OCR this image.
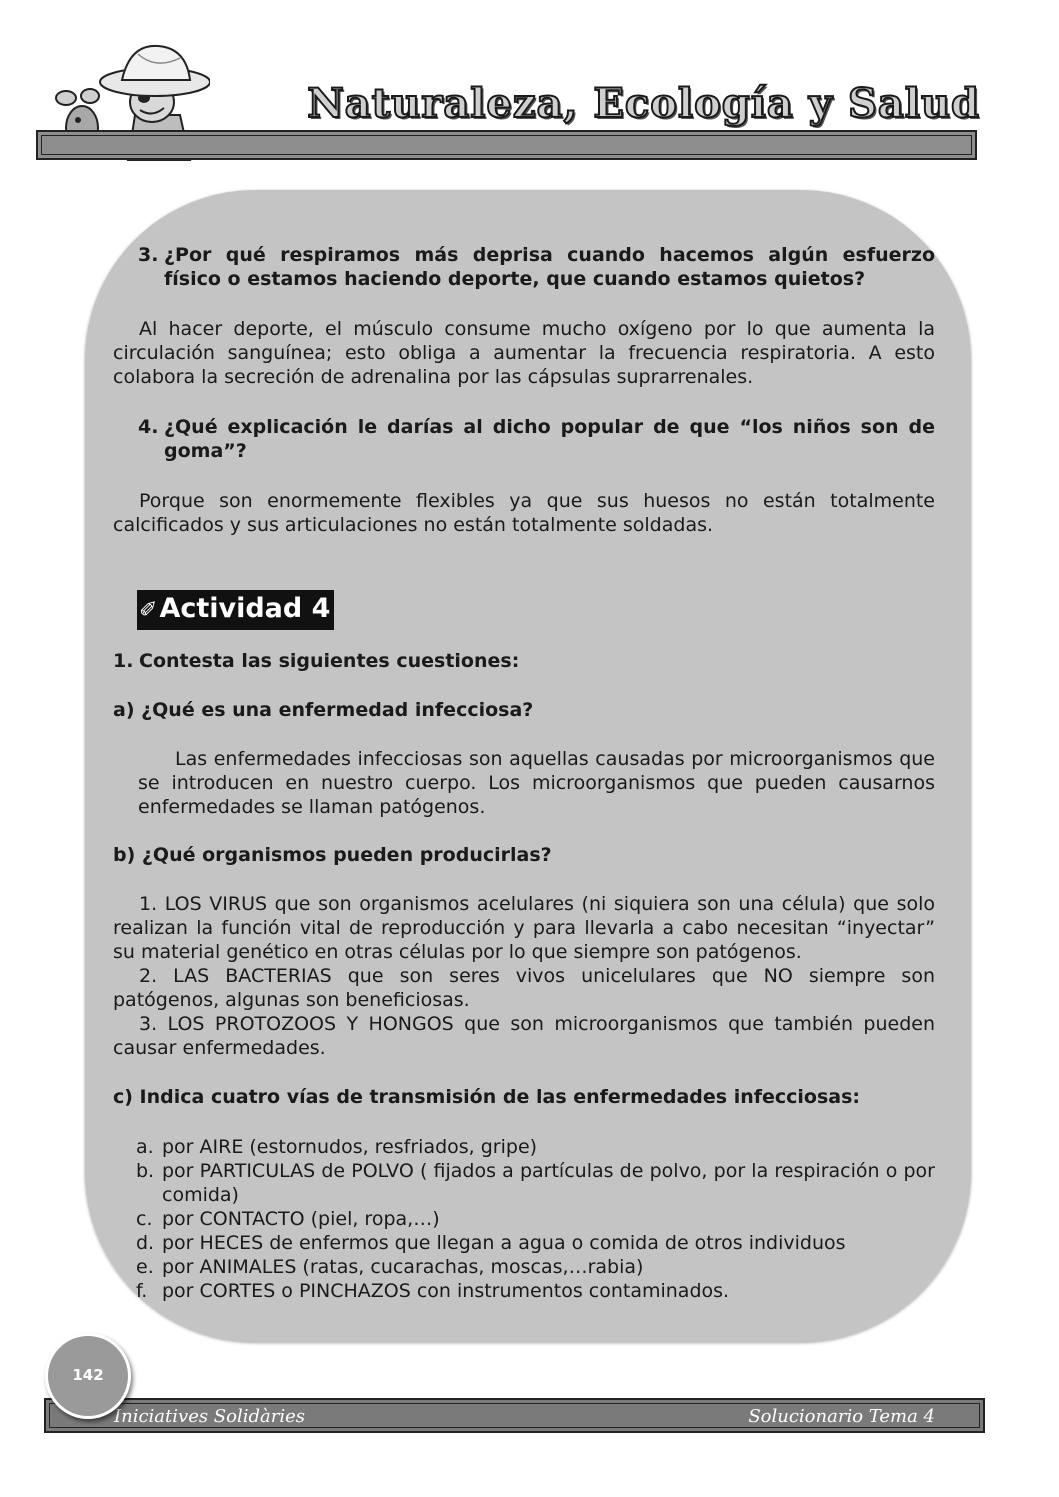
Naturaleza, Ecología y Salud
3. ¿Por qué respiramos más deprisa cuando hacemos algún esfuerzo físico o estamos haciendo deporte, que cuando estamos quietos?
Al hacer deporte, el músculo consume mucho oxígeno por lo que aumenta la circulación sanguínea; esto obliga a aumentar la frecuencia respiratoria. A esto colabora la secreción de adrenalina por las cápsulas suprarrenales.
4. ¿Qué explicación le darías al dicho popular de que “los niños son de goma”?
Porque son enormemente flexibles ya que sus huesos no están totalmente calcificados y sus articulaciones no están totalmente soldadas.
✐Actividad 4
1. Contesta las siguientes cuestiones:
a) ¿Qué es una enfermedad infecciosa?
Las enfermedades infecciosas son aquellas causadas por microorganismos que se introducen en nuestro cuerpo. Los microorganismos que pueden causarnos enfermedades se llaman patógenos.
b) ¿Qué organismos pueden producirlas?
1. LOS VIRUS que son organismos acelulares (ni siquiera son una célula) que solo realizan la función vital de reproducción y para llevarla a cabo necesitan “inyectar” su material genético en otras células por lo que siempre son patógenos.
2. LAS BACTERIAS que son seres vivos unicelulares que NO siempre son patógenos, algunas son beneficiosas.
3. LOS PROTOZOOS Y HONGOS que son microorganismos que también pueden causar enfermedades.
c) Indica cuatro vías de transmisión de las enfermedades infecciosas:
a. por AIRE (estornudos, resfriados, gripe)
b. por PARTICULAS de POLVO ( fijados a partículas de polvo, por la respiración o por comida)
c. por CONTACTO (piel, ropa,…)
d. por HECES de enfermos que llegan a agua o comida de otros individuos
e. por ANIMALES (ratas, cucarachas, moscas,…rabia)
f. por CORTES o PINCHAZOS con instrumentos contaminados.
142
Iniciatives Solidàries	Solucionario Tema 4
